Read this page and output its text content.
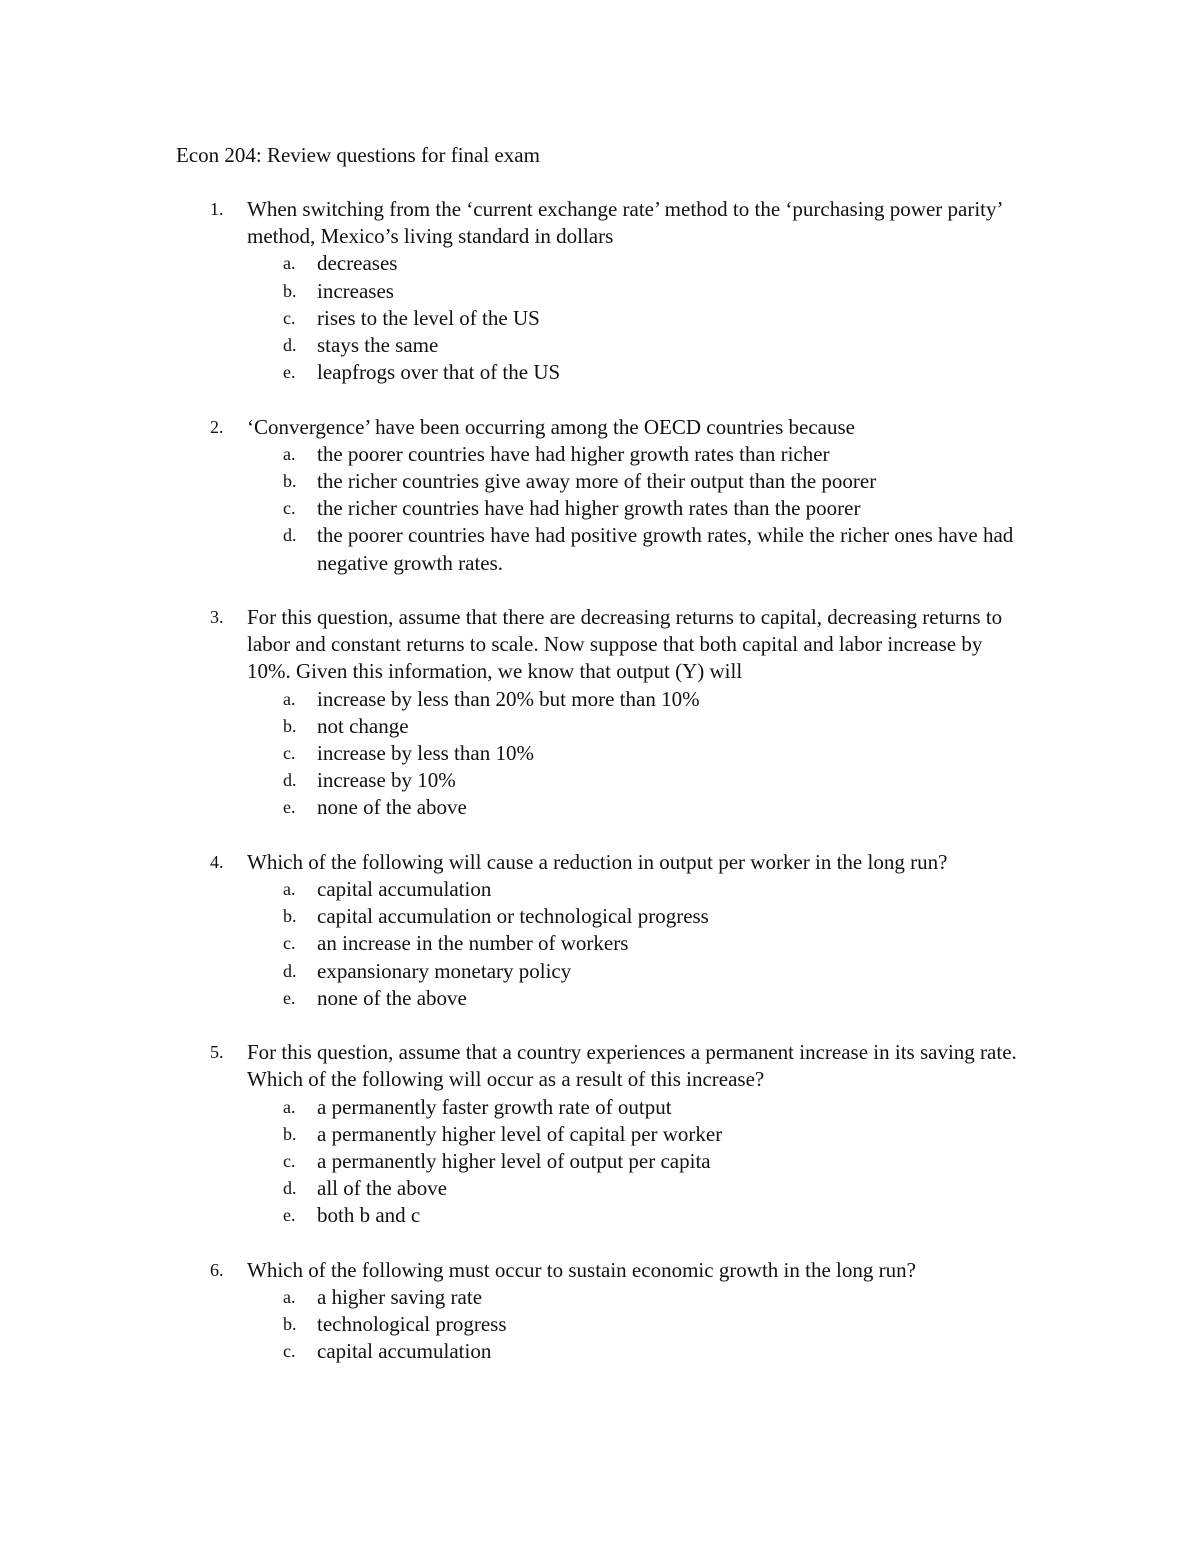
Econ 204: Review questions for final exam
1. When switching from the ‘current exchange rate’ method to the ‘purchasing power parity’ method, Mexico’s living standard in dollars
a. decreases
b. increases
c. rises to the level of the US
d. stays the same
e. leapfrogs over that of the US
2. ‘Convergence’ have been occurring among the OECD countries because
a. the poorer countries have had higher growth rates than richer
b. the richer countries give away more of their output than the poorer
c. the richer countries have had higher growth rates than the poorer
d. the poorer countries have had positive growth rates, while the richer ones have had negative growth rates.
3. For this question, assume that there are decreasing returns to capital, decreasing returns to labor and constant returns to scale. Now suppose that both capital and labor increase by 10%. Given this information, we know that output (Y) will
a. increase by less than 20% but more than 10%
b. not change
c. increase by less than 10%
d. increase by 10%
e. none of the above
4. Which of the following will cause a reduction in output per worker in the long run?
a. capital accumulation
b. capital accumulation or technological progress
c. an increase in the number of workers
d. expansionary monetary policy
e. none of the above
5. For this question, assume that a country experiences a permanent increase in its saving rate. Which of the following will occur as a result of this increase?
a. a permanently faster growth rate of output
b. a permanently higher level of capital per worker
c. a permanently higher level of output per capita
d. all of the above
e. both b and c
6. Which of the following must occur to sustain economic growth in the long run?
a. a higher saving rate
b. technological progress
c. capital accumulation
